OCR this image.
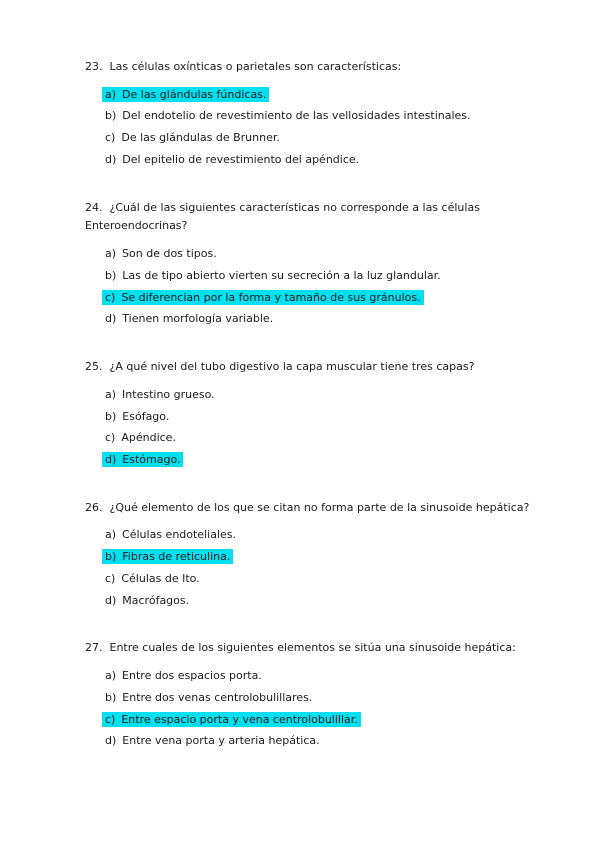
23. Las células oxínticas o parietales son características:

a) De las glándulas fúndicas.

b) Del endotelio de revestimiento de las vellosidades intestinales.

c) De las glándulas de Brunner.

d) Del epitelio de revestimiento del apéndice.

24. ¿Cuál de las siguientes características no corresponde a las células Enteroendocrinas?

a) Son de dos tipos.

b) Las de tipo abierto vierten su secreción a la luz glandular.

c) Se diferencian por la forma y tamaño de sus gránulos.

d) Tienen morfología variable.

25. ¿A qué nivel del tubo digestivo la capa muscular tiene tres capas?

a) Intestino grueso.

b) Esófago.

c) Apéndice.

d) Estómago.

26. ¿Qué elemento de los que se citan no forma parte de la sinusoide hepática?

a) Células endoteliales.

b) Fibras de reticulina.

c) Células de Ito.

d) Macrófagos.

27. Entre cuales de los siguientes elementos se sitúa una sinusoide hepática:

a) Entre dos espacios porta.

b) Entre dos venas centrolobulillares.

c) Entre espacio porta y vena centrolobulillar.

d) Entre vena porta y arteria hepática.
